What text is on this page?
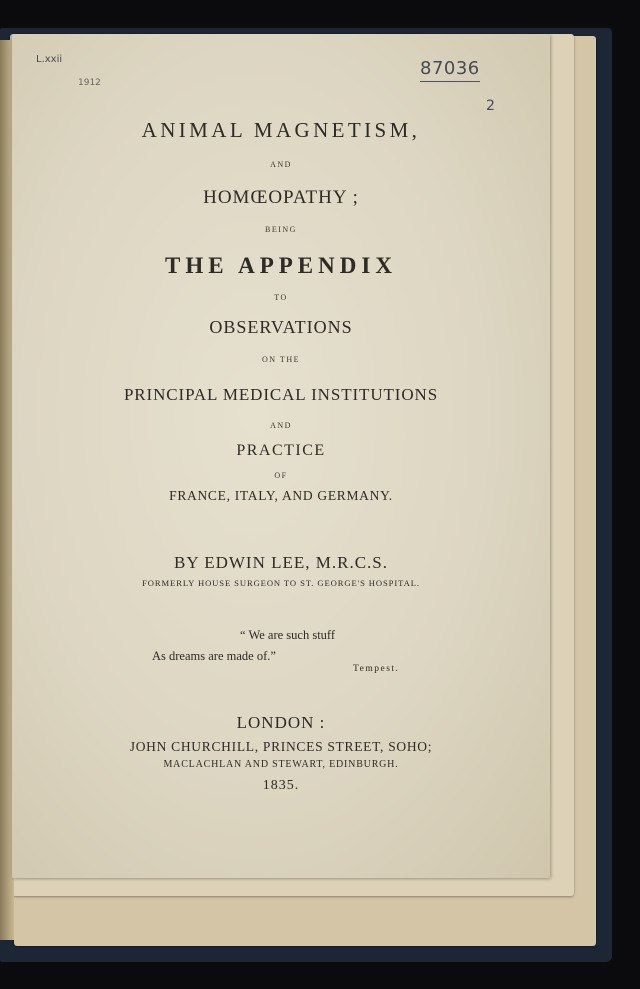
L.xxii
1912
87036
2
ANIMAL MAGNETISM,
AND
HOMŒOPATHY ;
BEING
THE APPENDIX
TO
OBSERVATIONS
ON THE
PRINCIPAL MEDICAL INSTITUTIONS
AND
PRACTICE
OF
FRANCE, ITALY, AND GERMANY.
BY EDWIN LEE, M.R.C.S.
FORMERLY HOUSE SURGEON TO ST. GEORGE'S HOSPITAL.
“ We are such stuff
As dreams are made of.”
Tempest.
LONDON :
JOHN CHURCHILL, PRINCES STREET, SOHO;
MACLACHLAN AND STEWART, EDINBURGH.
1835.
